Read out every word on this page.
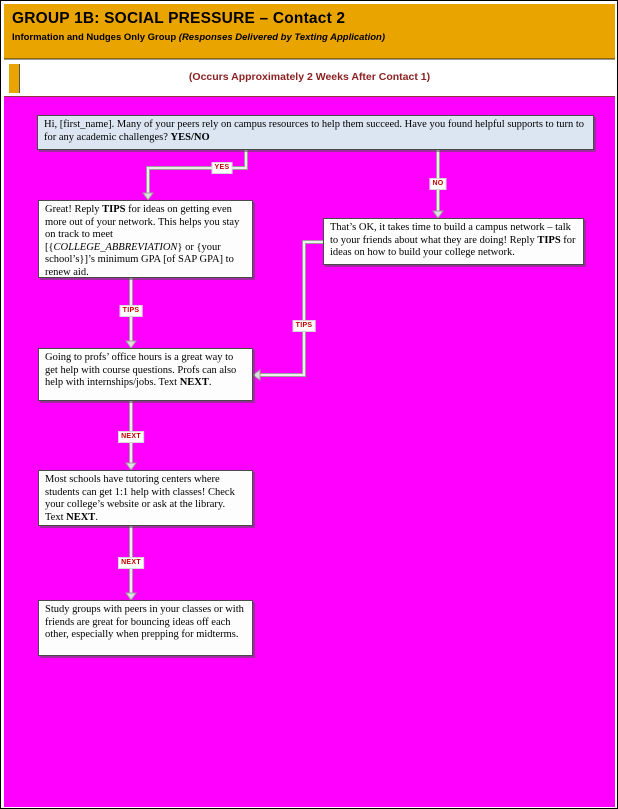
GROUP 1B: SOCIAL PRESSURE – Contact 2
Information and Nudges Only Group (Responses Delivered by Texting Application)
(Occurs Approximately 2 Weeks After Contact 1)
Hi, [first_name]. Many of your peers rely on campus resources to help them succeed. Have you found helpful supports to turn to for any academic challenges? YES/NO
Great! Reply TIPS for ideas on getting even more out of your network. This helps you stay on track to meet [{COLLEGE_ABBREVIATION} or {your school’s}]’s minimum GPA [of SAP GPA] to renew aid.
That’s OK, it takes time to build a campus network – talk to your friends about what they are doing! Reply TIPS for ideas on how to build your college network.
Going to profs’ office hours is a great way to get help with course questions. Profs can also help with internships/jobs. Text NEXT.
Most schools have tutoring centers where students can get 1:1 help with classes! Check your college’s website or ask at the library. Text NEXT.
Study groups with peers in your classes or with friends are great for bouncing ideas off each other, especially when prepping for midterms.
YES
NO
TIPS
TIPS
NEXT
NEXT
